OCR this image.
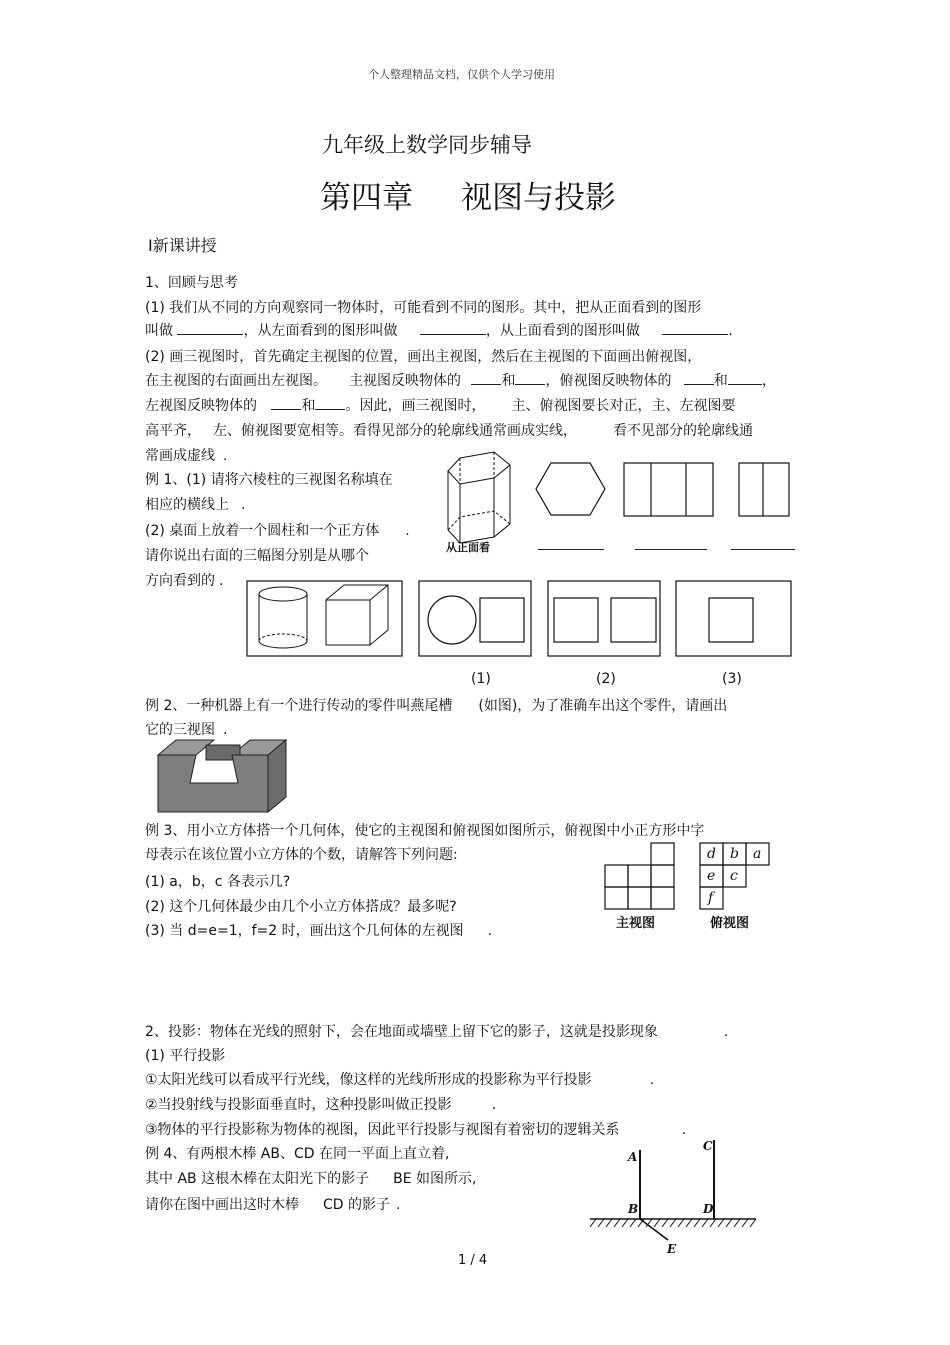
个人整理精品文档，仅供个人学习使用
九年级上数学同步辅导
第四章 视图与投影
I新课讲授
1、回顾与思考
(1) 我们从不同的方向观察同一物体时，可能看到不同的图形。其中，把从正面看到的图形
叫做	，从左面看到的图形叫做	，从上面看到的图形叫做	.
(2) 画三视图时，首先确定主视图的位置，画出主视图，然后在主视图的下面画出俯视图，
在主视图的右面画出左视图。 主视图反映物体的	和 ，俯视图反映物体的	和 ，
左视图反映物体的	和 。因此，画三视图时， 主、俯视图要长对正，主、左视图要
高平齐， 左、俯视图要宽相等。看得见部分的轮廓线通常画成实线，	看不见部分的轮廓线通
常画成虚线 .
例 1、(1) 请将六棱柱的三视图名称填在
相应的横线上 .
(2) 桌面上放着一个圆柱和一个正方体 .
请你说出右面的三幅图分别是从哪个
方向看到的 .
从正面看
(1)	(2)	(3)
例 2、一种机器上有一个进行传动的零件叫燕尾槽 (如图)，为了准确车出这个零件，请画出
它的三视图 .
例 3、用小立方体搭一个几何体，使它的主视图和俯视图如图所示，俯视图中小正方形中字
母表示在该位置小立方体的个数，请解答下列问题:
(1) a，b，c 各表示几?
(2) 这个几何体最少由几个小立方体搭成？最多呢?
(3) 当 d=e=1，f=2 时，画出这个几何体的左视图 .	主视图
d b a
e c
f
俯视图
2、投影：物体在光线的照射下，会在地面或墙壁上留下它的影子，这就是投影现象	.
(1) 平行投影
①太阳光线可以看成平行光线，像这样的光线所形成的投影称为平行投影	.
②当投射线与投影面垂直时，这种投影叫做正投影	.
③物体的平行投影称为物体的视图，因此平行投影与视图有着密切的逻辑关系	.
例 4、有两根木棒 AB、CD 在同一平面上直立着,
其中 AB 这根木棒在太阳光下的影子 BE 如图所示,
请你在图中画出这时木棒 CD 的影子 .
A
B
C
D
E
1 / 4
